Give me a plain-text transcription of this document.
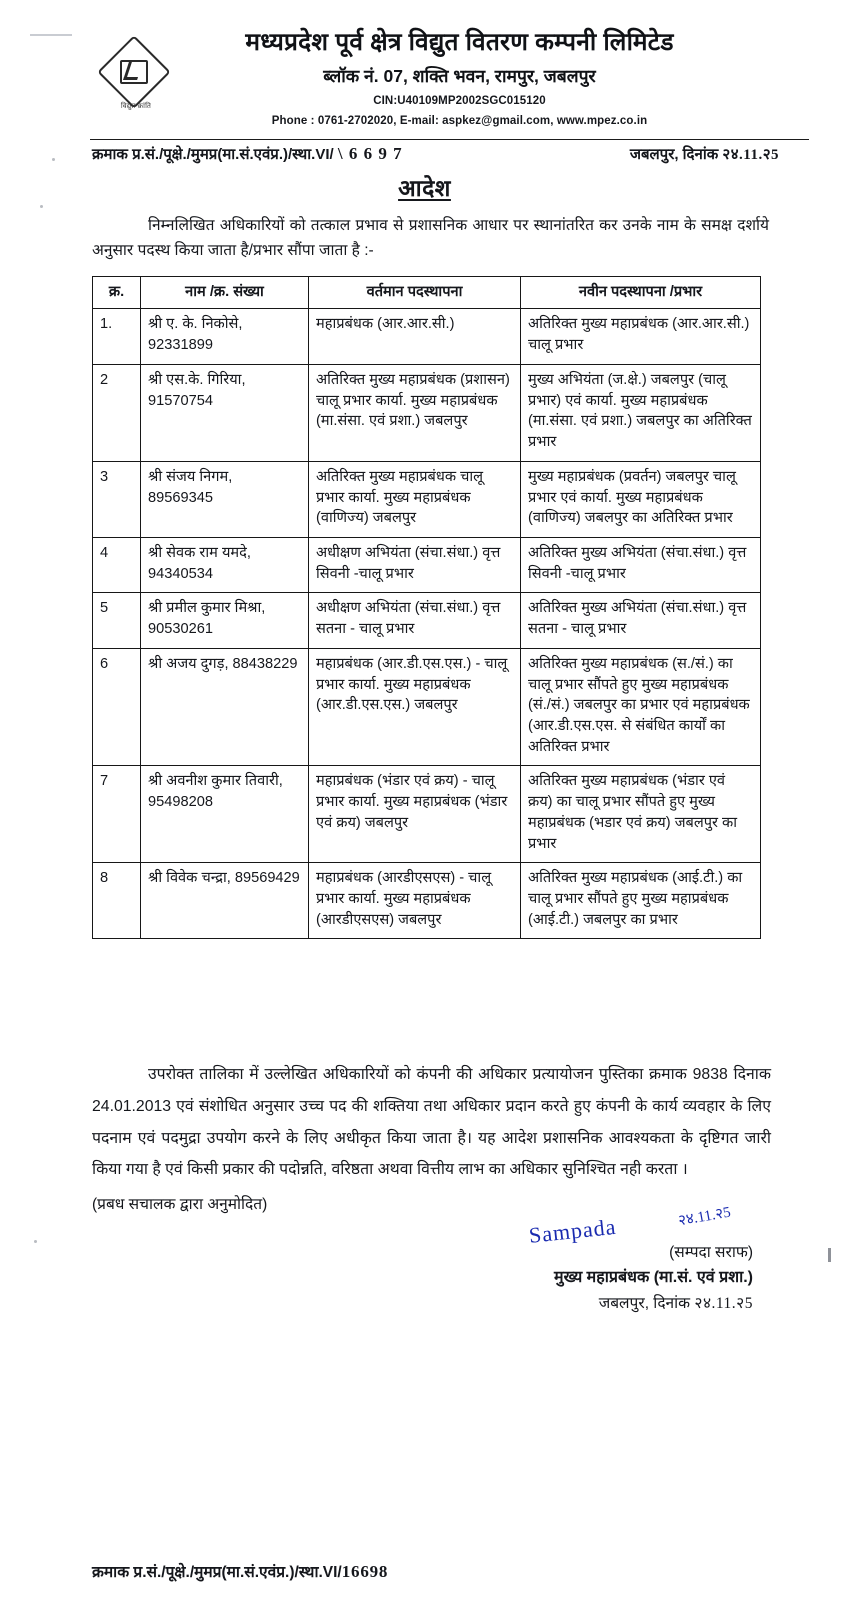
विद्युत क्रांति
मध्यप्रदेश पूर्व क्षेत्र विद्युत वितरण कम्पनी लिमिटेड
ब्लॉक नं. 07, शक्ति भवन, रामपुर, जबलपुर
CIN:U40109MP2002SGC015120
Phone : 0761-2702020, E-mail: aspkez@gmail.com, www.mpez.co.in
क्रमाक प्र.सं./पूक्षे./मुमप्र(मा.सं.एवंप्र.)/स्था.VI/ \ 6 6 9 7	जबलपुर, दिनांक २४.11.२5
आदेश
निम्नलिखित अधिकारियों को तत्काल प्रभाव से प्रशासनिक आधार पर स्थानांतरित कर उनके नाम के समक्ष दर्शाये अनुसार पदस्थ किया जाता है/प्रभार सौंपा जाता है :-
क्र.	नाम /क्र. संख्या	वर्तमान पदस्थापना	नवीन पदस्थापना /प्रभार
1.	श्री ए. के. निकोसे, 92331899	महाप्रबंधक (आर.आर.सी.)	अतिरिक्त मुख्य महाप्रबंधक (आर.आर.सी.) चालू प्रभार
2	श्री एस.के. गिरिया, 91570754	अतिरिक्त मुख्य महाप्रबंधक (प्रशासन) चालू प्रभार कार्या. मुख्य महाप्रबंधक (मा.संसा. एवं प्रशा.) जबलपुर	मुख्य अभियंता (ज.क्षे.) जबलपुर (चालू प्रभार) एवं कार्या. मुख्य महाप्रबंधक (मा.संसा. एवं प्रशा.) जबलपुर का अतिरिक्त प्रभार
3	श्री संजय निगम, 89569345	अतिरिक्त मुख्य महाप्रबंधक चालू प्रभार कार्या. मुख्य महाप्रबंधक (वाणिज्य) जबलपुर	मुख्य महाप्रबंधक (प्रवर्तन) जबलपुर चालू प्रभार एवं कार्या. मुख्य महाप्रबंधक (वाणिज्य) जबलपुर का अतिरिक्त प्रभार
4	श्री सेवक राम यमदे, 94340534	अधीक्षण अभियंता (संचा.संधा.) वृत्त सिवनी -चालू प्रभार	अतिरिक्त मुख्य अभियंता (संचा.संधा.) वृत्त सिवनी -चालू प्रभार
5	श्री प्रमील कुमार मिश्रा, 90530261	अधीक्षण अभियंता (संचा.संधा.) वृत्त सतना - चालू प्रभार	अतिरिक्त मुख्य अभियंता (संचा.संधा.) वृत्त सतना - चालू प्रभार
6	श्री अजय दुगड़, 88438229	महाप्रबंधक (आर.डी.एस.एस.) - चालू प्रभार कार्या. मुख्य महाप्रबंधक (आर.डी.एस.एस.) जबलपुर	अतिरिक्त मुख्य महाप्रबंधक (स./सं.) का चालू प्रभार सौंपते हुए मुख्य महाप्रबंधक (सं./सं.) जबलपुर का प्रभार एवं महाप्रबंधक (आर.डी.एस.एस. से संबंधित कार्यों का अतिरिक्त प्रभार
7	श्री अवनीश कुमार तिवारी, 95498208	महाप्रबंधक (भंडार एवं क्रय) - चालू प्रभार कार्या. मुख्य महाप्रबंधक (भंडार एवं क्रय) जबलपुर	अतिरिक्त मुख्य महाप्रबंधक (भंडार एवं क्रय) का चालू प्रभार सौंपते हुए मुख्य महाप्रबंधक (भडार एवं क्रय) जबलपुर का प्रभार
8	श्री विवेक चन्द्रा, 89569429	महाप्रबंधक (आरडीएसएस) - चालू प्रभार कार्या. मुख्य महाप्रबंधक (आरडीएसएस) जबलपुर	अतिरिक्त मुख्य महाप्रबंधक (आई.टी.) का चालू प्रभार सौंपते हुए मुख्य महाप्रबंधक (आई.टी.) जबलपुर का प्रभार
उपरोक्त तालिका में उल्लेखित अधिकारियों को कंपनी की अधिकार प्रत्यायोजन पुस्तिका क्रमाक 9838 दिनाक 24.01.2013 एवं संशोधित अनुसार उच्च पद की शक्तिया तथा अधिकार प्रदान करते हुए कंपनी के कार्य व्यवहार के लिए पदनाम एवं पदमुद्रा उपयोग करने के लिए अधीकृत किया जाता है। यह आदेश प्रशासनिक आवश्यकता के दृष्टिगत जारी किया गया है एवं किसी प्रकार की पदोन्नति, वरिष्ठता अथवा वित्तीय लाभ का अधिकार सुनिश्चित नही करता ।
(प्रबध सचालक द्वारा अनुमोदित)
Sampada	२४.11.२5
(सम्पदा सराफ)
मुख्य महाप्रबंधक (मा.सं. एवं प्रशा.)
जबलपुर, दिनांक २४.11.२5
क्रमाक प्र.सं./पूक्षे./मुमप्र(मा.सं.एवंप्र.)/स्था.VI/16698
